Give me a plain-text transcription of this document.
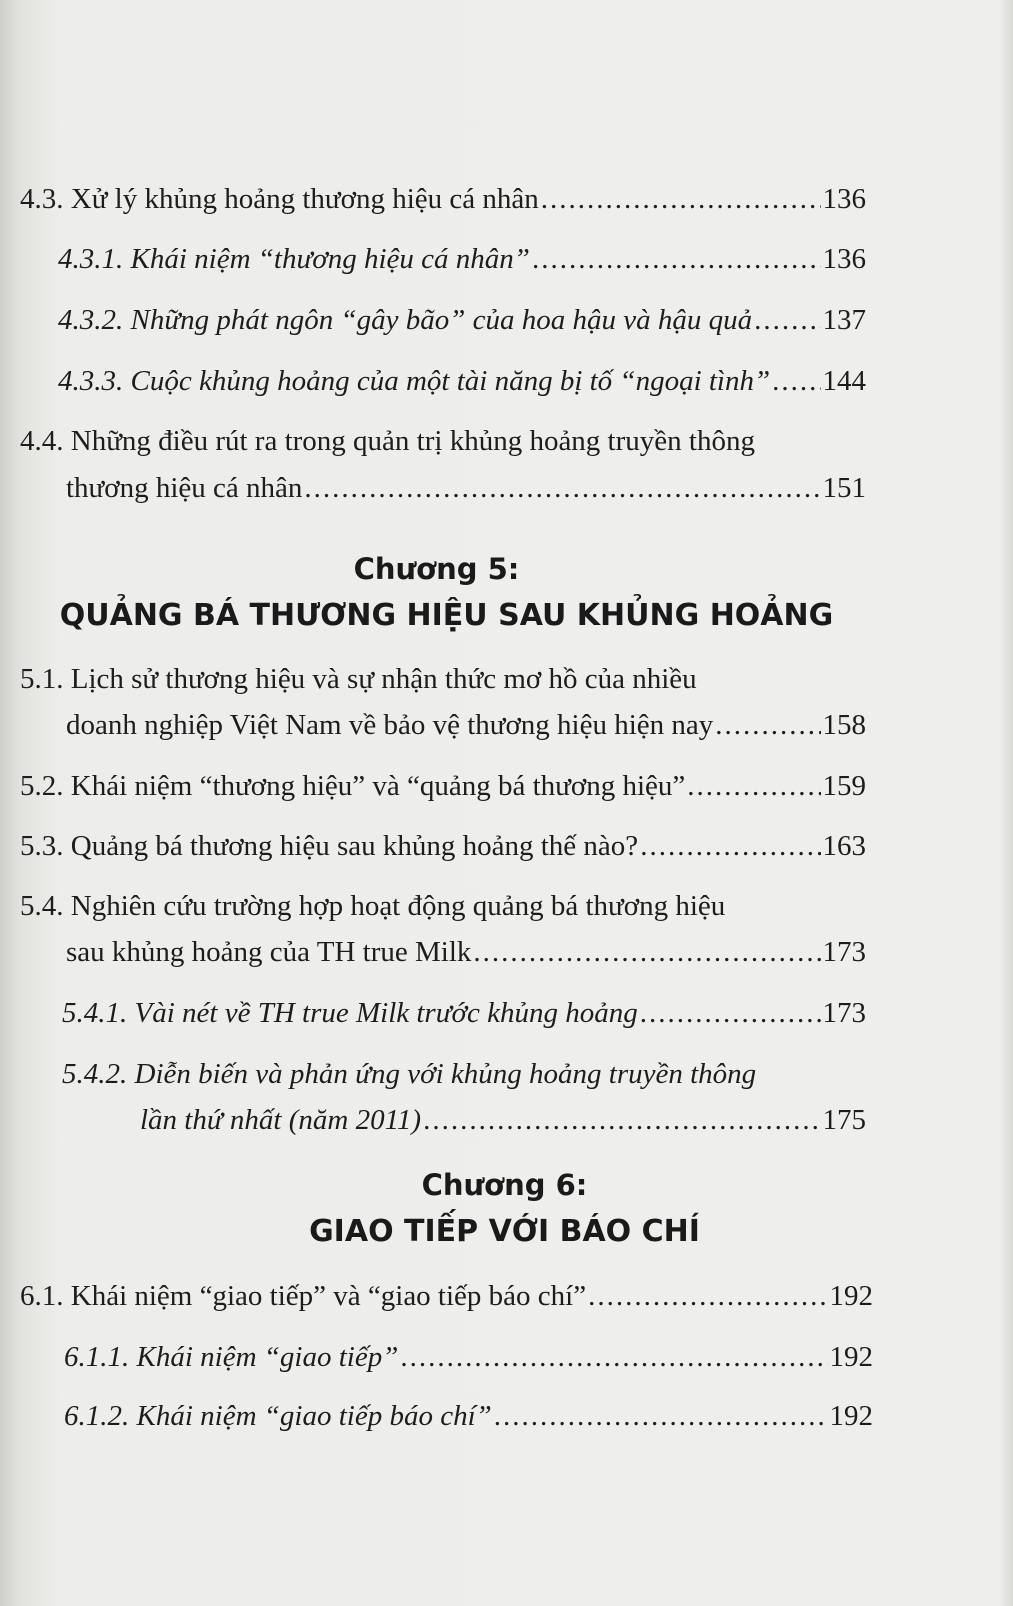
4.3. Xử lý khủng hoảng thương hiệu cá nhân .....	136
4.3.1. Khái niệm “thương hiệu cá nhân” .....	136
4.3.2. Những phát ngôn “gây bão” của hoa hậu và hậu quả ..... 137
4.3.3. Cuộc khủng hoảng của một tài năng bị tố “ngoại tình” ..... 144
4.4. Những điều rút ra trong quản trị khủng hoảng truyền thông
thương hiệu cá nhân .....	151
Chương 5:
QUẢNG BÁ THƯƠNG HIỆU SAU KHỦNG HOẢNG
5.1. Lịch sử thương hiệu và sự nhận thức mơ hồ của nhiều
doanh nghiệp Việt Nam về bảo vệ thương hiệu hiện nay .....	158
5.2. Khái niệm “thương hiệu” và “quảng bá thương hiệu” .....	159
5.3. Quảng bá thương hiệu sau khủng hoảng thế nào? .....	163
5.4. Nghiên cứu trường hợp hoạt động quảng bá thương hiệu
sau khủng hoảng của TH true Milk .....	173
5.4.1. Vài nét về TH true Milk trước khủng hoảng .....	173
5.4.2. Diễn biến và phản ứng với khủng hoảng truyền thông
lần thứ nhất (năm 2011) .....	175
Chương 6:
GIAO TIẾP VỚI BÁO CHÍ
6.1. Khái niệm “giao tiếp” và “giao tiếp báo chí” .....	192
6.1.1. Khái niệm “giao tiếp” .....	192
6.1.2. Khái niệm “giao tiếp báo chí” .....	192
